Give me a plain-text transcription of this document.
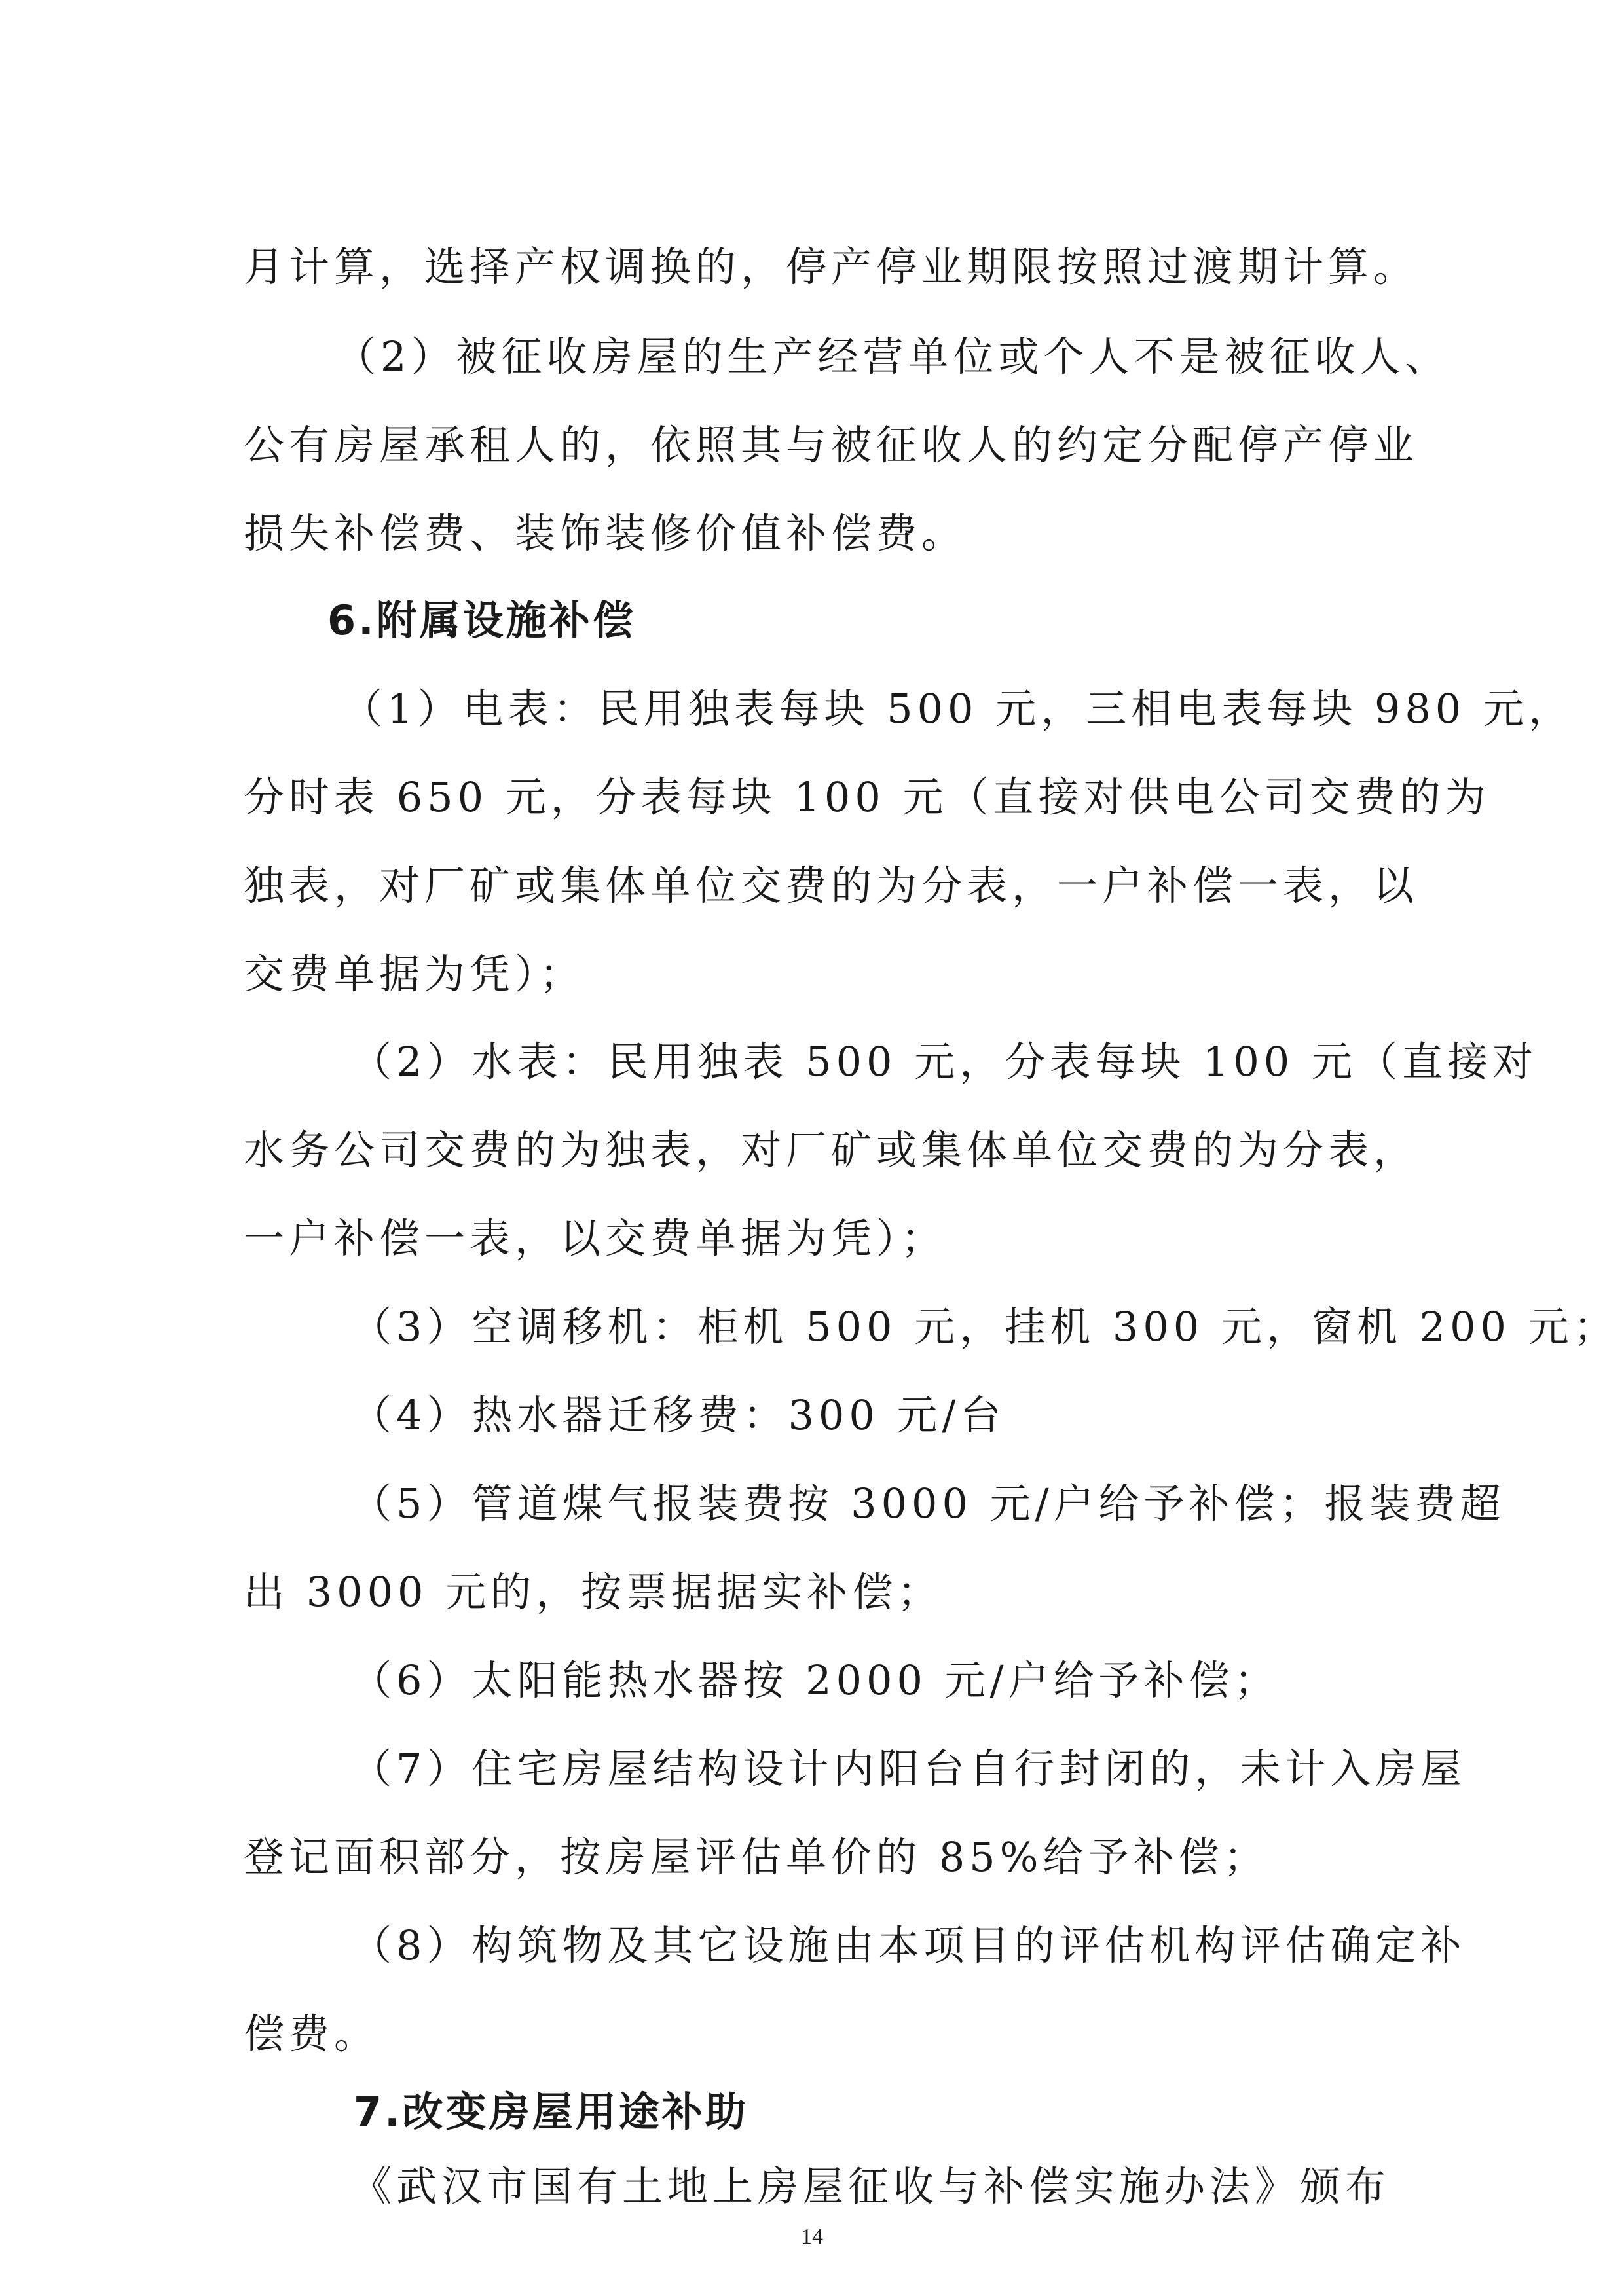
月计算，选择产权调换的，停产停业期限按照过渡期计算。

（2）被征收房屋的生产经营单位或个人不是被征收人、

公有房屋承租人的，依照其与被征收人的约定分配停产停业

损失补偿费、装饰装修价值补偿费。

6.附属设施补偿

（1）电表：民用独表每块 500 元，三相电表每块 980 元，

分时表 650 元，分表每块 100 元（直接对供电公司交费的为

独表，对厂矿或集体单位交费的为分表，一户补偿一表，以

交费单据为凭）；

（2）水表：民用独表 500 元，分表每块 100 元（直接对

水务公司交费的为独表，对厂矿或集体单位交费的为分表，

一户补偿一表，以交费单据为凭）；

（3）空调移机：柜机 500 元，挂机 300 元，窗机 200 元；

（4）热水器迁移费：300 元/台

（5）管道煤气报装费按 3000 元/户给予补偿；报装费超

出 3000 元的，按票据据实补偿；

（6）太阳能热水器按 2000 元/户给予补偿；

（7）住宅房屋结构设计内阳台自行封闭的，未计入房屋

登记面积部分，按房屋评估单价的 85%给予补偿；

（8）构筑物及其它设施由本项目的评估机构评估确定补

偿费。

7.改变房屋用途补助

《武汉市国有土地上房屋征收与补偿实施办法》颁布

14
